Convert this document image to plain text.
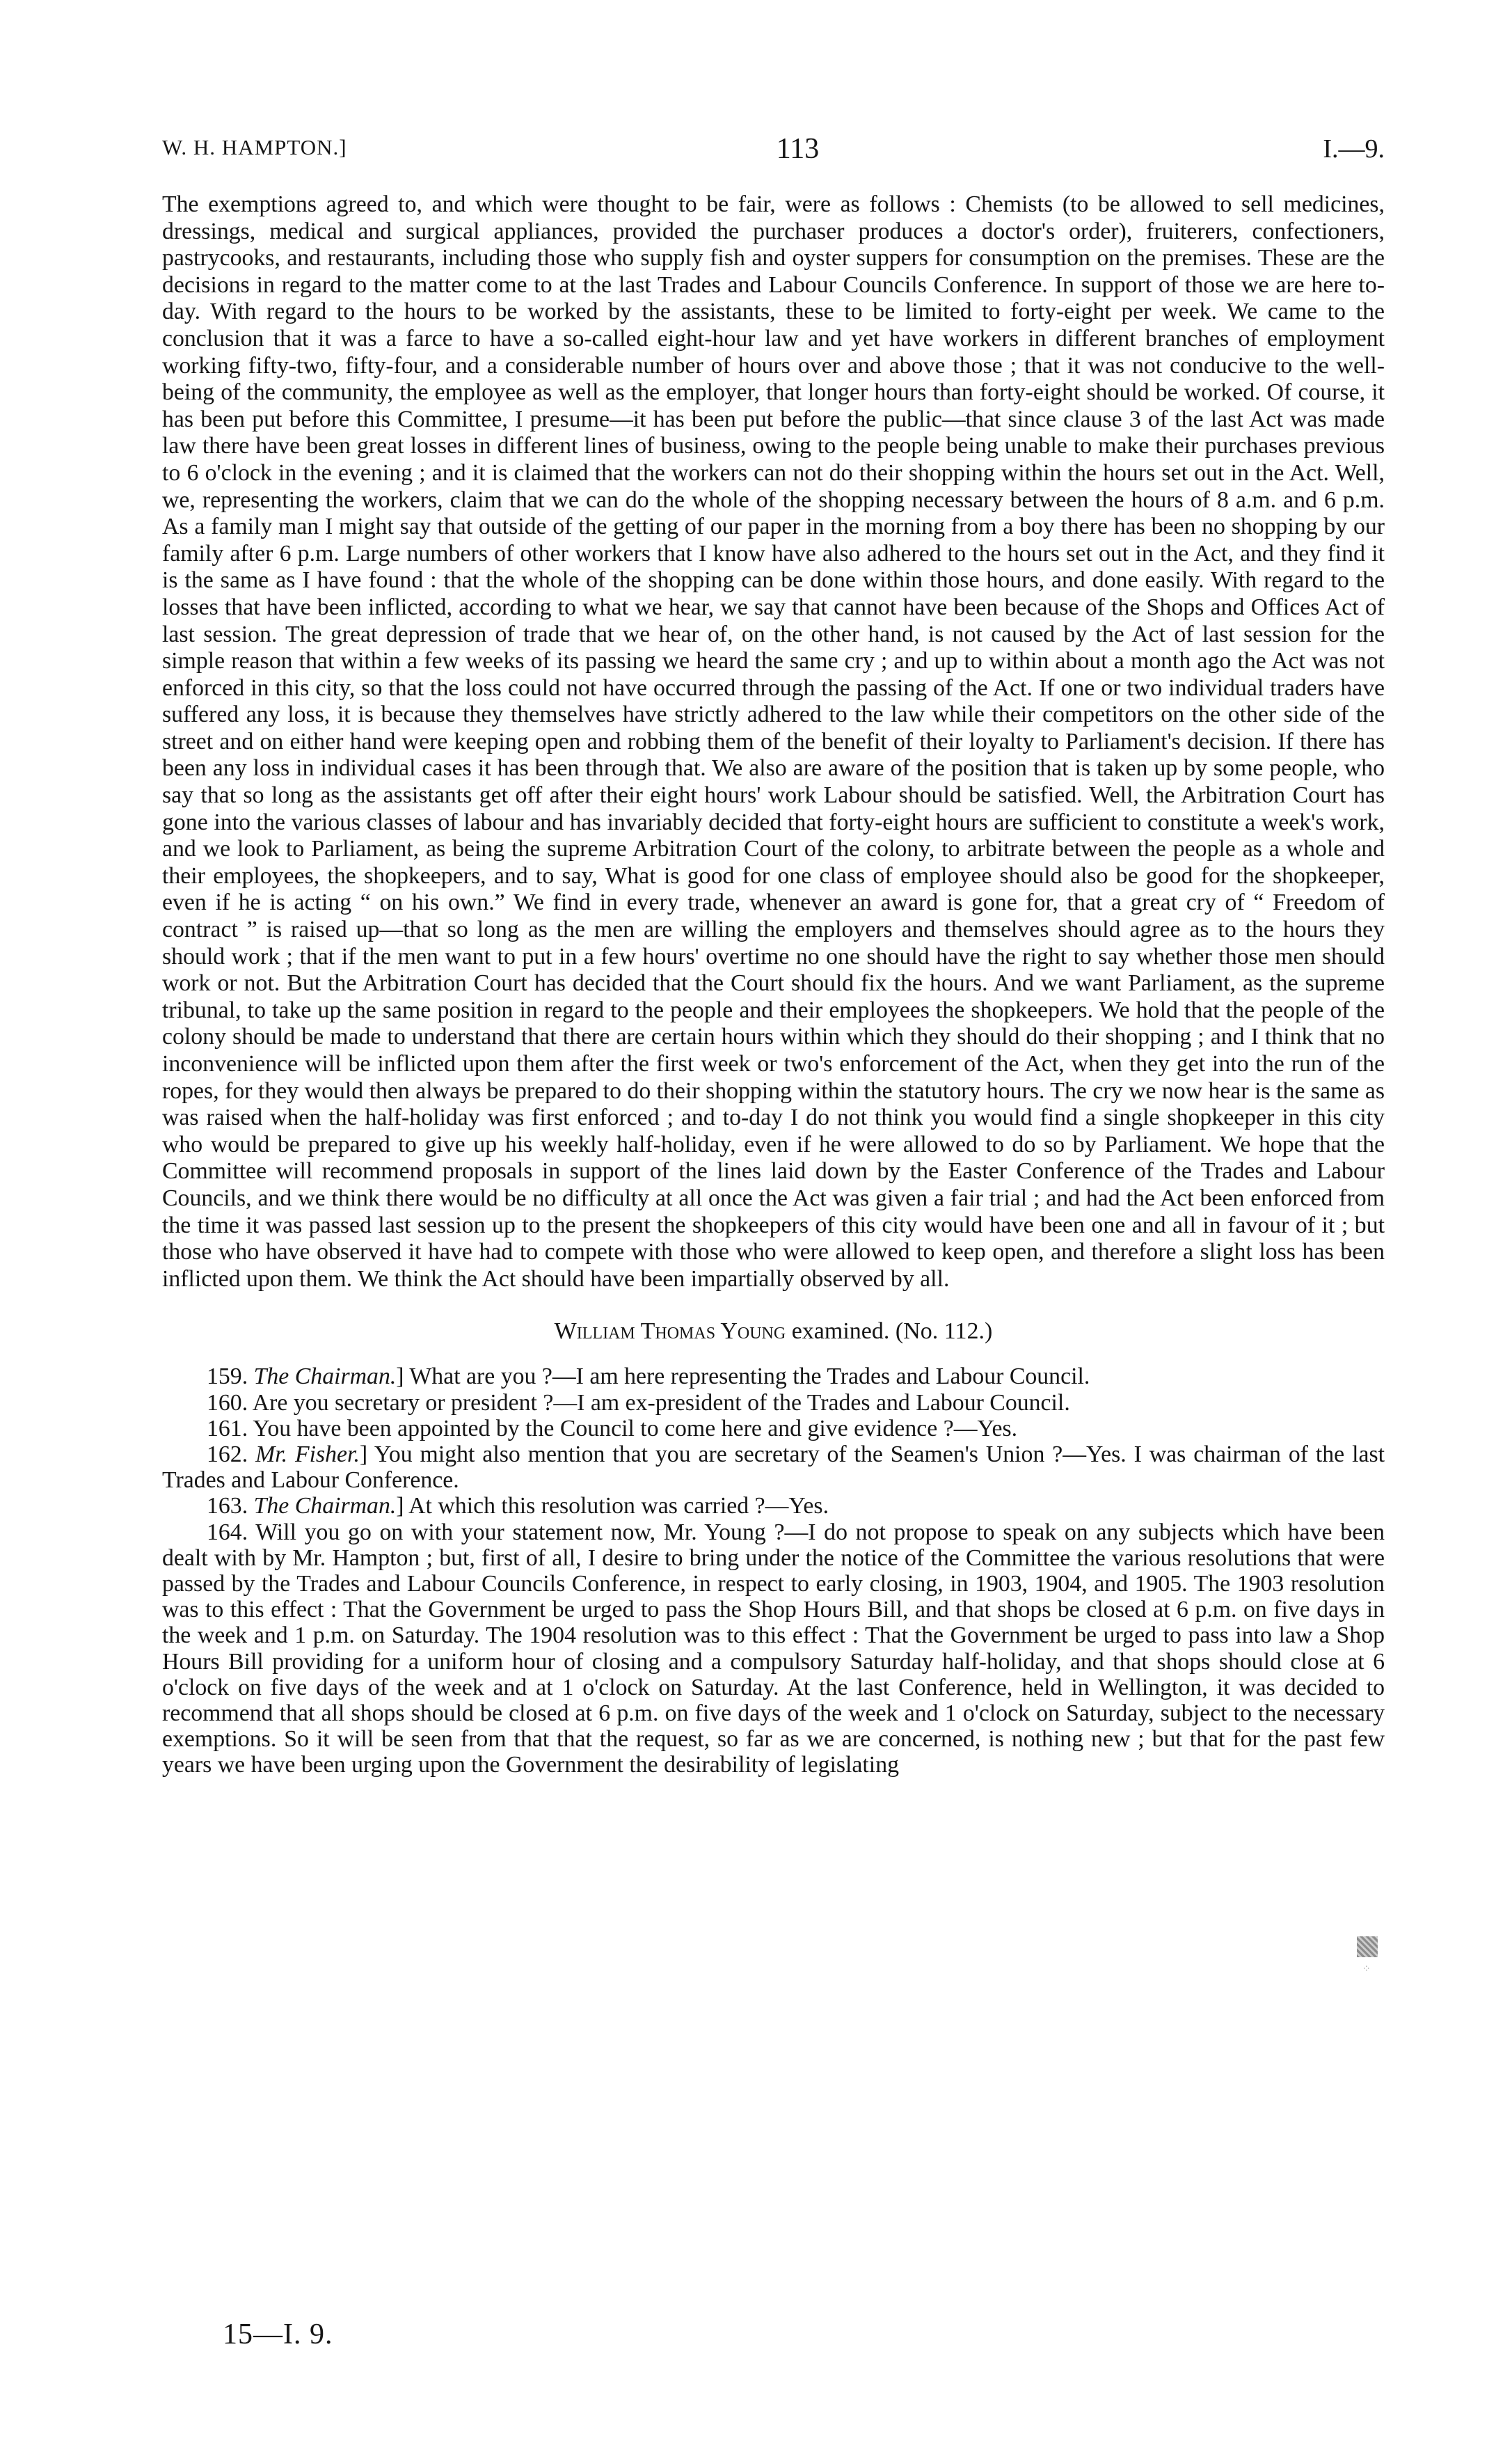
W. H. HAMPTON.]	113	I.—9.

The exemptions agreed to, and which were thought to be fair, were as follows : Chemists (to be allowed to sell medicines, dressings, medical and surgical appliances, provided the purchaser produces a doctor's order), fruiterers, confectioners, pastrycooks, and restaurants, including those who supply fish and oyster suppers for consumption on the premises. These are the decisions in regard to the matter come to at the last Trades and Labour Councils Conference. In support of those we are here to-day. With regard to the hours to be worked by the assistants, these to be limited to forty-eight per week. We came to the conclusion that it was a farce to have a so-called eight-hour law and yet have workers in different branches of employment working fifty-two, fifty-four, and a considerable number of hours over and above those ; that it was not conducive to the well-being of the community, the employee as well as the employer, that longer hours than forty-eight should be worked. Of course, it has been put before this Committee, I presume—it has been put before the public—that since clause 3 of the last Act was made law there have been great losses in different lines of business, owing to the people being unable to make their purchases previous to 6 o'clock in the evening ; and it is claimed that the workers can not do their shopping within the hours set out in the Act. Well, we, representing the workers, claim that we can do the whole of the shopping necessary between the hours of 8 a.m. and 6 p.m. As a family man I might say that outside of the getting of our paper in the morning from a boy there has been no shopping by our family after 6 p.m. Large numbers of other workers that I know have also adhered to the hours set out in the Act, and they find it is the same as I have found : that the whole of the shopping can be done within those hours, and done easily. With regard to the losses that have been inflicted, according to what we hear, we say that cannot have been because of the Shops and Offices Act of last session. The great depression of trade that we hear of, on the other hand, is not caused by the Act of last session for the simple reason that within a few weeks of its passing we heard the same cry ; and up to within about a month ago the Act was not enforced in this city, so that the loss could not have occurred through the passing of the Act. If one or two individual traders have suffered any loss, it is because they themselves have strictly adhered to the law while their competitors on the other side of the street and on either hand were keeping open and robbing them of the benefit of their loyalty to Parliament's decision. If there has been any loss in individual cases it has been through that. We also are aware of the position that is taken up by some people, who say that so long as the assistants get off after their eight hours' work Labour should be satisfied. Well, the Arbitration Court has gone into the various classes of labour and has invariably decided that forty-eight hours are sufficient to constitute a week's work, and we look to Parliament, as being the supreme Arbitration Court of the colony, to arbitrate between the people as a whole and their employees, the shopkeepers, and to say, What is good for one class of employee should also be good for the shopkeeper, even if he is acting “ on his own.” We find in every trade, whenever an award is gone for, that a great cry of “ Freedom of contract ” is raised up—that so long as the men are willing the employers and themselves should agree as to the hours they should work ; that if the men want to put in a few hours' overtime no one should have the right to say whether those men should work or not. But the Arbitration Court has decided that the Court should fix the hours. And we want Parliament, as the supreme tribunal, to take up the same position in regard to the people and their employees the shopkeepers. We hold that the people of the colony should be made to understand that there are certain hours within which they should do their shopping ; and I think that no inconvenience will be inflicted upon them after the first week or two's enforcement of the Act, when they get into the run of the ropes, for they would then always be prepared to do their shopping within the statutory hours. The cry we now hear is the same as was raised when the half-holiday was first enforced ; and to-day I do not think you would find a single shopkeeper in this city who would be prepared to give up his weekly half-holiday, even if he were allowed to do so by Parliament. We hope that the Committee will recommend proposals in support of the lines laid down by the Easter Conference of the Trades and Labour Councils, and we think there would be no difficulty at all once the Act was given a fair trial ; and had the Act been enforced from the time it was passed last session up to the present the shopkeepers of this city would have been one and all in favour of it ; but those who have observed it have had to compete with those who were allowed to keep open, and therefore a slight loss has been inflicted upon them. We think the Act should have been impartially observed by all.

William Thomas Young examined. (No. 112.)

159. The Chairman.] What are you ?—I am here representing the Trades and Labour Council.

160. Are you secretary or president ?—I am ex-president of the Trades and Labour Council.

161. You have been appointed by the Council to come here and give evidence ?—Yes.

162. Mr. Fisher.] You might also mention that you are secretary of the Seamen's Union ?—Yes. I was chairman of the last Trades and Labour Conference.

163. The Chairman.] At which this resolution was carried ?—Yes.

164. Will you go on with your statement now, Mr. Young ?—I do not propose to speak on any subjects which have been dealt with by Mr. Hampton ; but, first of all, I desire to bring under the notice of the Committee the various resolutions that were passed by the Trades and Labour Councils Conference, in respect to early closing, in 1903, 1904, and 1905. The 1903 resolution was to this effect : That the Government be urged to pass the Shop Hours Bill, and that shops be closed at 6 p.m. on five days in the week and 1 p.m. on Saturday. The 1904 resolution was to this effect : That the Government be urged to pass into law a Shop Hours Bill providing for a uniform hour of closing and a compulsory Saturday half-holiday, and that shops should close at 6 o'clock on five days of the week and at 1 o'clock on Saturday. At the last Conference, held in Wellington, it was decided to recommend that all shops should be closed at 6 p.m. on five days of the week and 1 o'clock on Saturday, subject to the necessary exemptions. So it will be seen from that that the request, so far as we are concerned, is nothing new ; but that for the past few years we have been urging upon the Government the desirability of legislating

⁘
15—I. 9.
